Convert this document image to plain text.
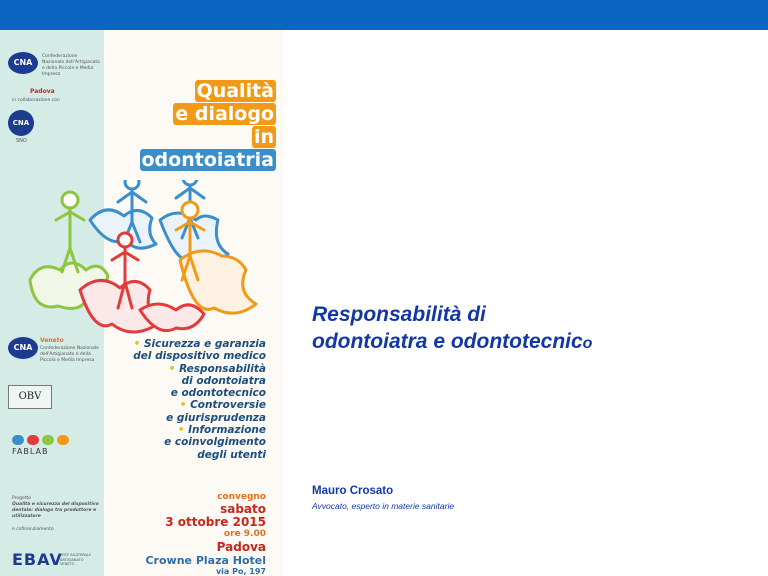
CNA
Padova
Confederazione Nazionale dell'Artigianato e della Piccola e Media Impresa
in collaborazione con
CNA
SNO
Qualità
e dialogo
in
odontoiatria
CNA
Veneto
Confederazione Nazionale dell'Artigianato e della Piccola e Media Impresa
OBV
FABLAB
Progetto
Qualità e sicurezza del dispositivo dentale: dialogo tra produttore e utilizzatore
e cofinanziamento
EBAV
ENTE BILATERALE ARTIGIANATO VENETO
• Sicurezza e garanzia
del dispositivo medico
• Responsabilità
di odontoiatra
e odontotecnico
• Controversie
e giurisprudenza
• Informazione
e coinvolgimento
degli utenti
convegno
sabato
3 ottobre 2015
ore 9.00
Padova
Crowne Plaza Hotel
via Po, 197
Responsabilità di
odontoiatra e odontotecnico
Mauro Crosato
Avvocato, esperto in materie sanitarie
